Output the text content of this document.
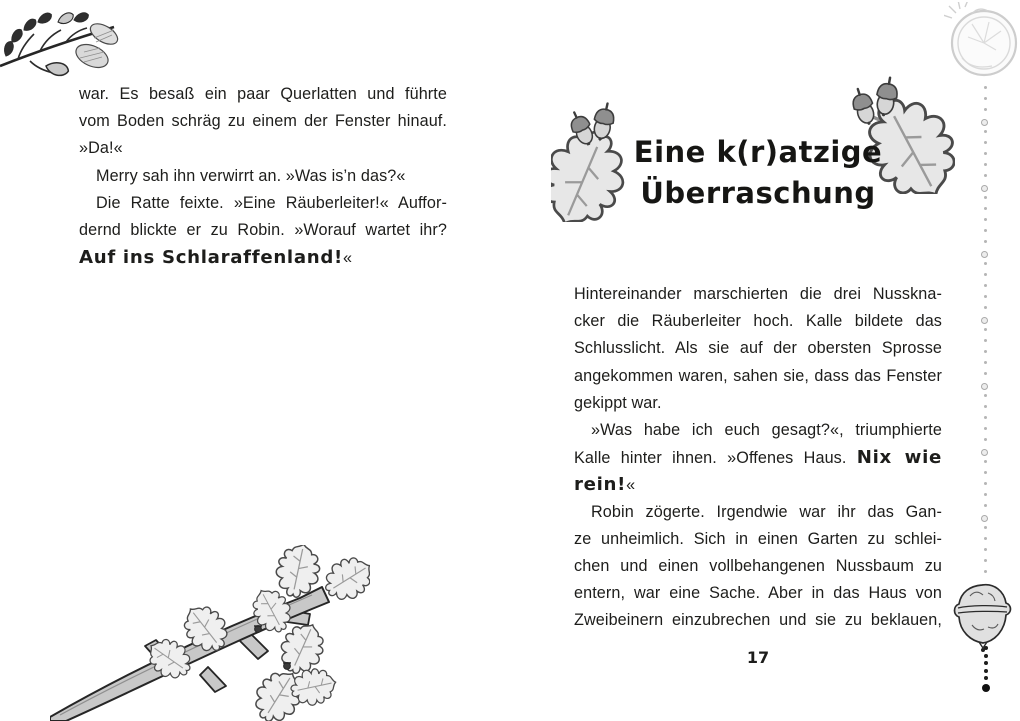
war. Es besaß ein paar Querlatten und führte
vom Boden schräg zu einem der Fenster hinauf.
»Da!«
Merry sah ihn verwirrt an. »Was is’n das?«
Die Ratte feixte. »Eine Räuberleiter!« Auffor-
dernd blickte er zu Robin. »Worauf wartet ihr?
Auf ins Schlaraffenland!«
Eine k(r)atzige
Überraschung
Hintereinander marschierten die drei Nusskna-
cker die Räuberleiter hoch. Kalle bildete das
Schlusslicht. Als sie auf der obersten Sprosse
angekommen waren, sahen sie, dass das Fenster
gekippt war.
»Was habe ich euch gesagt?«, triumphierte
Kalle hinter ihnen. »Offenes Haus. Nix wie
rein!«
Robin zögerte. Irgendwie war ihr das Gan-
ze unheimlich. Sich in einen Garten zu schlei-
chen und einen vollbehangenen Nussbaum zu
entern, war eine Sache. Aber in das Haus von
Zweibeinern einzubrechen und sie zu beklauen,
17
